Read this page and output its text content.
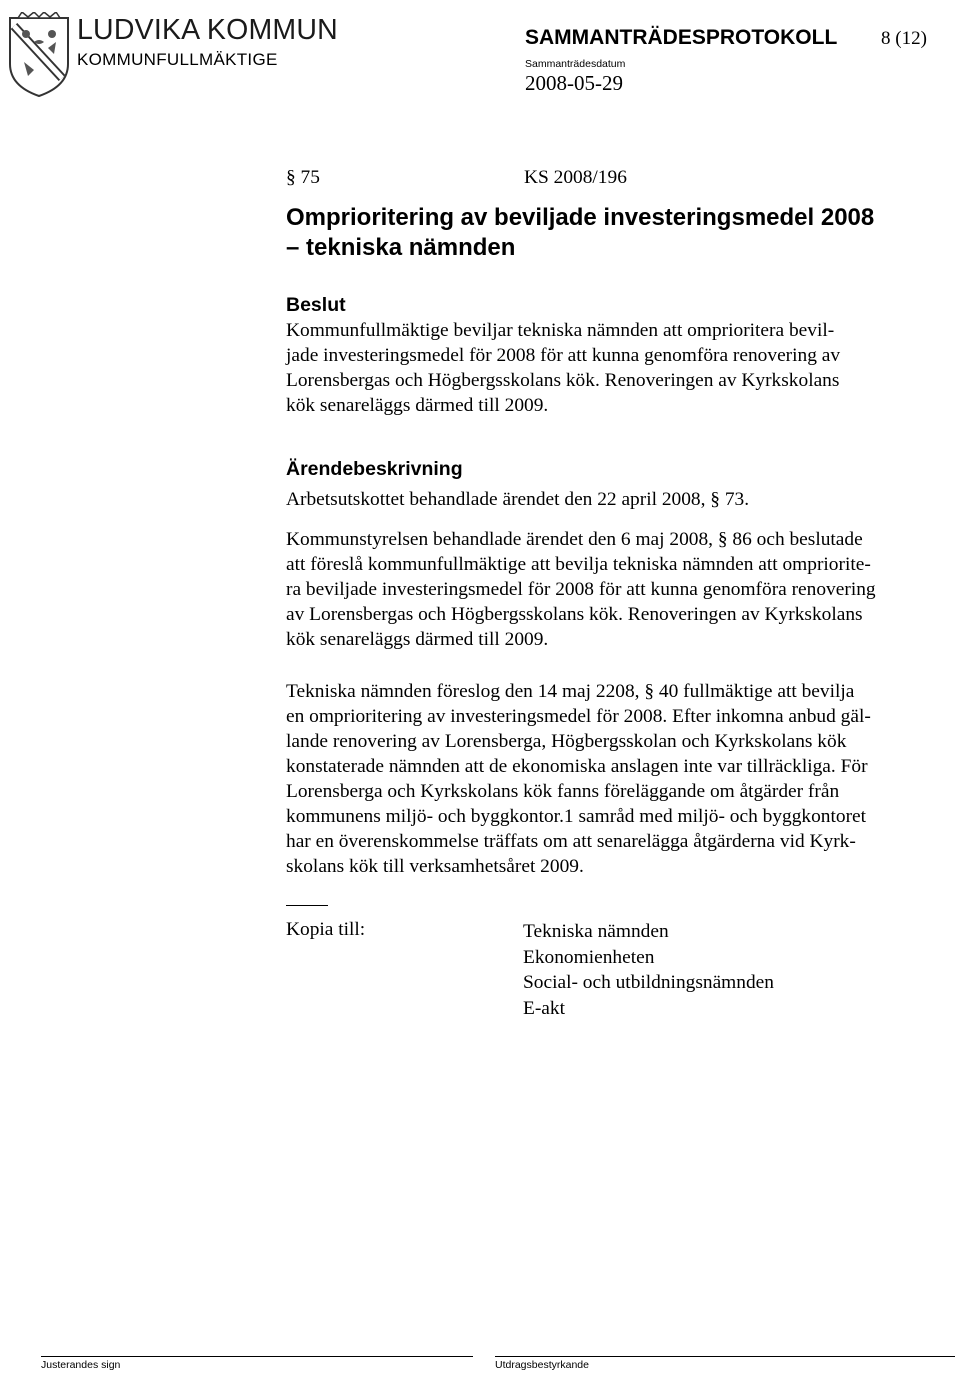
LUDVIKA KOMMUN
KOMMUNFULLMÄKTIGE
SAMMANTRÄDESPROTOKOLL 8 (12)
Sammanträdesdatum
2008-05-29
§ 75	KS 2008/196
Omprioritering av beviljade investeringsmedel 2008
– tekniska nämnden
Beslut
Kommunfullmäktige beviljar tekniska nämnden att omprioritera bevil-
jade investeringsmedel för 2008 för att kunna genomföra renovering av
Lorensbergas och Högbergsskolans kök. Renoveringen av Kyrkskolans
kök senareläggs därmed till 2009.
Ärendebeskrivning
Arbetsutskottet behandlade ärendet den 22 april 2008, § 73.
Kommunstyrelsen behandlade ärendet den 6 maj 2008, § 86 och beslutade
att föreslå kommunfullmäktige att bevilja tekniska nämnden att omprioritе-
ra beviljade investeringsmedel för 2008 för att kunna genomföra renovering
av Lorensbergas och Högbergsskolans kök. Renoveringen av Kyrkskolans
kök senareläggs därmed till 2009.
Tekniska nämnden föreslog den 14 maj 2208, § 40 fullmäktige att bevilja
en omprioritering av investeringsmedel för 2008. Efter inkomna anbud gäl-
lande renovering av Lorensberga, Högbergsskolan och Kyrkskolans kök
konstaterade nämnden att de ekonomiska anslagen inte var tillräckliga. För
Lorensberga och Kyrkskolans kök fanns föreläggande om åtgärder från
kommunens miljö- och byggkontor.1 samråd med miljö- och byggkontoret
har en överenskommelse träffats om att senarelägga åtgärderna vid Kyrk-
skolans kök till verksamhetsåret 2009.
Kopia till:	Tekniska nämnden
Ekonomienheten
Social- och utbildningsnämnden
E-akt
Justerandes sign	Utdragsbestyrkande
